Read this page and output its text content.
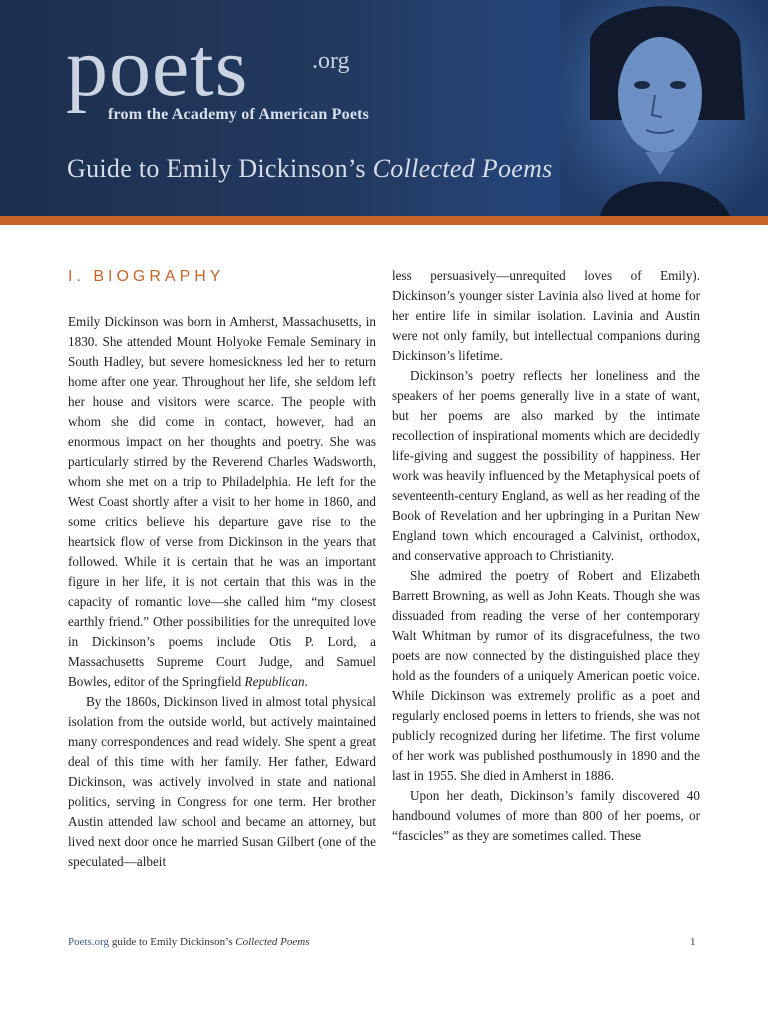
poets	.org
from the Academy of American Poets
Guide to Emily Dickinson’s Collected Poems
I. BIOGRAPHY

Emily Dickinson was born in Amherst, Massachusetts, in 1830. She attended Mount Holyoke Female Seminary in South Hadley, but severe homesickness led her to return home after one year. Throughout her life, she seldom left her house and visitors were scarce. The people with whom she did come in contact, however, had an enormous impact on her thoughts and poetry. She was particularly stirred by the Reverend Charles Wadsworth, whom she met on a trip to Philadelphia. He left for the West Coast shortly after a visit to her home in 1860, and some critics believe his departure gave rise to the heartsick flow of verse from Dickinson in the years that followed. While it is certain that he was an important figure in her life, it is not certain that this was in the capacity of romantic love—she called him “my closest earthly friend.” Other possibilities for the unrequited love in Dickinson’s poems include Otis P. Lord, a Massachusetts Supreme Court Judge, and Samuel Bowles, editor of the Springfield Republican.

By the 1860s, Dickinson lived in almost total physical isolation from the outside world, but actively maintained many correspondences and read widely. She spent a great deal of this time with her family. Her father, Edward Dickinson, was actively involved in state and national politics, serving in Congress for one term. Her brother Austin attended law school and became an attorney, but lived next door once he married Susan Gilbert (one of the speculated—albeit

less persuasively—unrequited loves of Emily). Dickinson’s younger sister Lavinia also lived at home for her entire life in similar isolation. Lavinia and Austin were not only family, but intellectual companions during Dickinson’s lifetime.

Dickinson’s poetry reflects her loneliness and the speakers of her poems generally live in a state of want, but her poems are also marked by the intimate recollection of inspirational moments which are decidedly life-giving and suggest the possibility of happiness. Her work was heavily influenced by the Metaphysical poets of seventeenth-century England, as well as her reading of the Book of Revelation and her upbringing in a Puritan New England town which encouraged a Calvinist, orthodox, and conservative approach to Christianity.

She admired the poetry of Robert and Elizabeth Barrett Browning, as well as John Keats. Though she was dissuaded from reading the verse of her contemporary Walt Whitman by rumor of its disgracefulness, the two poets are now connected by the distinguished place they hold as the founders of a uniquely American poetic voice. While Dickinson was extremely prolific as a poet and regularly enclosed poems in letters to friends, she was not publicly recognized during her lifetime. The first volume of her work was published posthumously in 1890 and the last in 1955. She died in Amherst in 1886.

Upon her death, Dickinson’s family discovered 40 handbound volumes of more than 800 of her poems, or “fascicles” as they are sometimes called. These

Poets.org guide to Emily Dickinson’s Collected Poems	1
